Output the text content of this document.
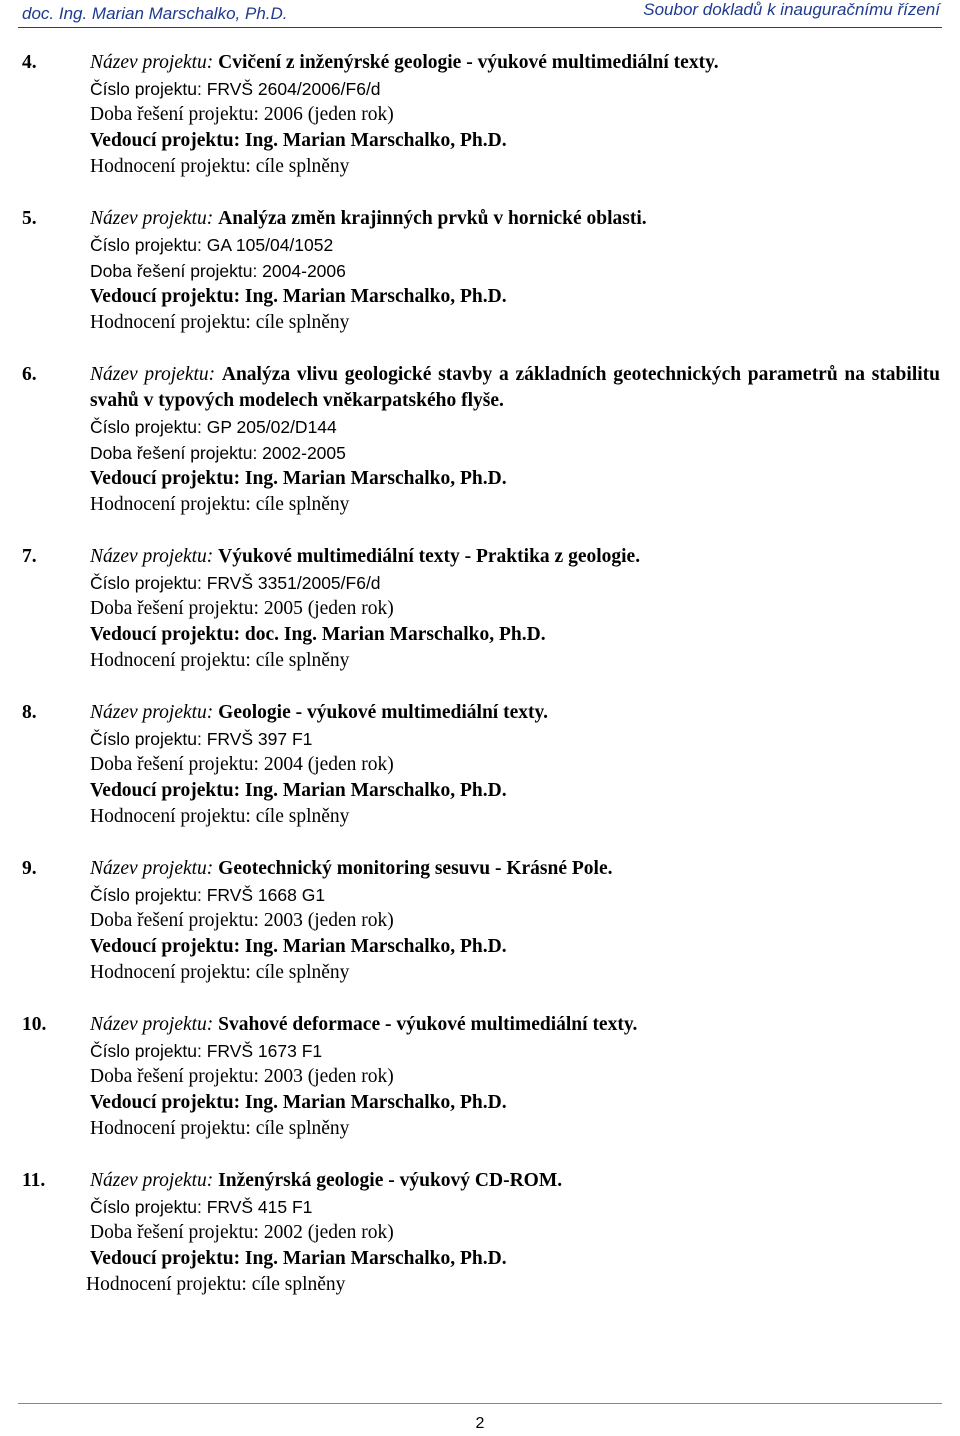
doc. Ing. Marian Marschalko, Ph.D.	Soubor dokladů k inauguračnímu řízení
4.	Název projektu: Cvičení z inženýrské geologie - výukové multimediální texty.
Číslo projektu: FRVŠ 2604/2006/F6/d
Doba řešení projektu: 2006 (jeden rok)
Vedoucí projektu: Ing. Marian Marschalko, Ph.D.
Hodnocení projektu: cíle splněny
5.	Název projektu: Analýza změn krajinných prvků v hornické oblasti.
Číslo projektu: GA 105/04/1052
Doba řešení projektu: 2004-2006
Vedoucí projektu: Ing. Marian Marschalko, Ph.D.
Hodnocení projektu: cíle splněny
6.	Název projektu: Analýza vlivu geologické stavby a základních geotechnických parametrů na stabilitu svahů v typových modelech vněkarpatského flyše.
Číslo projektu: GP 205/02/D144
Doba řešení projektu: 2002-2005
Vedoucí projektu: Ing. Marian Marschalko, Ph.D.
Hodnocení projektu: cíle splněny
7.	Název projektu: Výukové multimediální texty - Praktika z geologie.
Číslo projektu: FRVŠ 3351/2005/F6/d
Doba řešení projektu: 2005 (jeden rok)
Vedoucí projektu: doc. Ing. Marian Marschalko, Ph.D.
Hodnocení projektu: cíle splněny
8.	Název projektu: Geologie - výukové multimediální texty.
Číslo projektu: FRVŠ 397 F1
Doba řešení projektu: 2004 (jeden rok)
Vedoucí projektu: Ing. Marian Marschalko, Ph.D.
Hodnocení projektu: cíle splněny
9.	Název projektu: Geotechnický monitoring sesuvu - Krásné Pole.
Číslo projektu: FRVŠ 1668 G1
Doba řešení projektu: 2003 (jeden rok)
Vedoucí projektu: Ing. Marian Marschalko, Ph.D.
Hodnocení projektu: cíle splněny
10. Název projektu: Svahové deformace - výukové multimediální texty.
Číslo projektu: FRVŠ 1673 F1
Doba řešení projektu: 2003 (jeden rok)
Vedoucí projektu: Ing. Marian Marschalko, Ph.D.
Hodnocení projektu: cíle splněny
11. Název projektu: Inženýrská geologie - výukový CD-ROM.
Číslo projektu: FRVŠ 415 F1
Doba řešení projektu: 2002 (jeden rok)
Vedoucí projektu: Ing. Marian Marschalko, Ph.D.
Hodnocení projektu: cíle splněny
2
